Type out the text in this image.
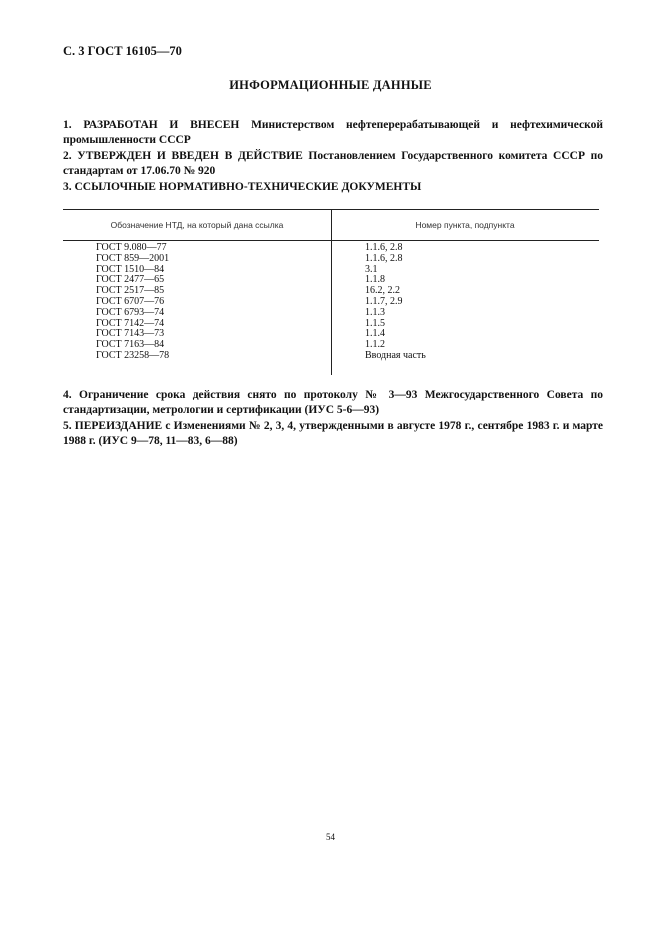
С. 3 ГОСТ 16105—70
ИНФОРМАЦИОННЫЕ ДАННЫЕ
1. РАЗРАБОТАН И ВНЕСЕН Министерством нефтеперерабатывающей и нефтехимической промышленности СССР
2. УТВЕРЖДЕН И ВВЕДЕН В ДЕЙСТВИЕ Постановлением Государственного комитета СССР по стандартам от 17.06.70 № 920
3. ССЫЛОЧНЫЕ НОРМАТИВНО-ТЕХНИЧЕСКИЕ ДОКУМЕНТЫ
Обозначение НТД, на который дана ссылка	Номер пункта, подпункта
ГОСТ 9.080—77	1.1.6, 2.8
ГОСТ 859—2001	1.1.6, 2.8
ГОСТ 1510—84	3.1
ГОСТ 2477—65	1.1.8
ГОСТ 2517—85	16.2, 2.2
ГОСТ 6707—76	1.1.7, 2.9
ГОСТ 6793—74	1.1.3
ГОСТ 7142—74	1.1.5
ГОСТ 7143—73	1.1.4
ГОСТ 7163—84	1.1.2
ГОСТ 23258—78	Вводная часть
4. Ограничение срока действия снято по протоколу № 3—93 Межгосударственного Совета по стандартизации, метрологии и сертификации (ИУС 5-6—93)
5. ПЕРЕИЗДАНИЕ с Изменениями № 2, 3, 4, утвержденными в августе 1978 г., сентябре 1983 г. и марте 1988 г. (ИУС 9—78, 11—83, 6—88)
54
